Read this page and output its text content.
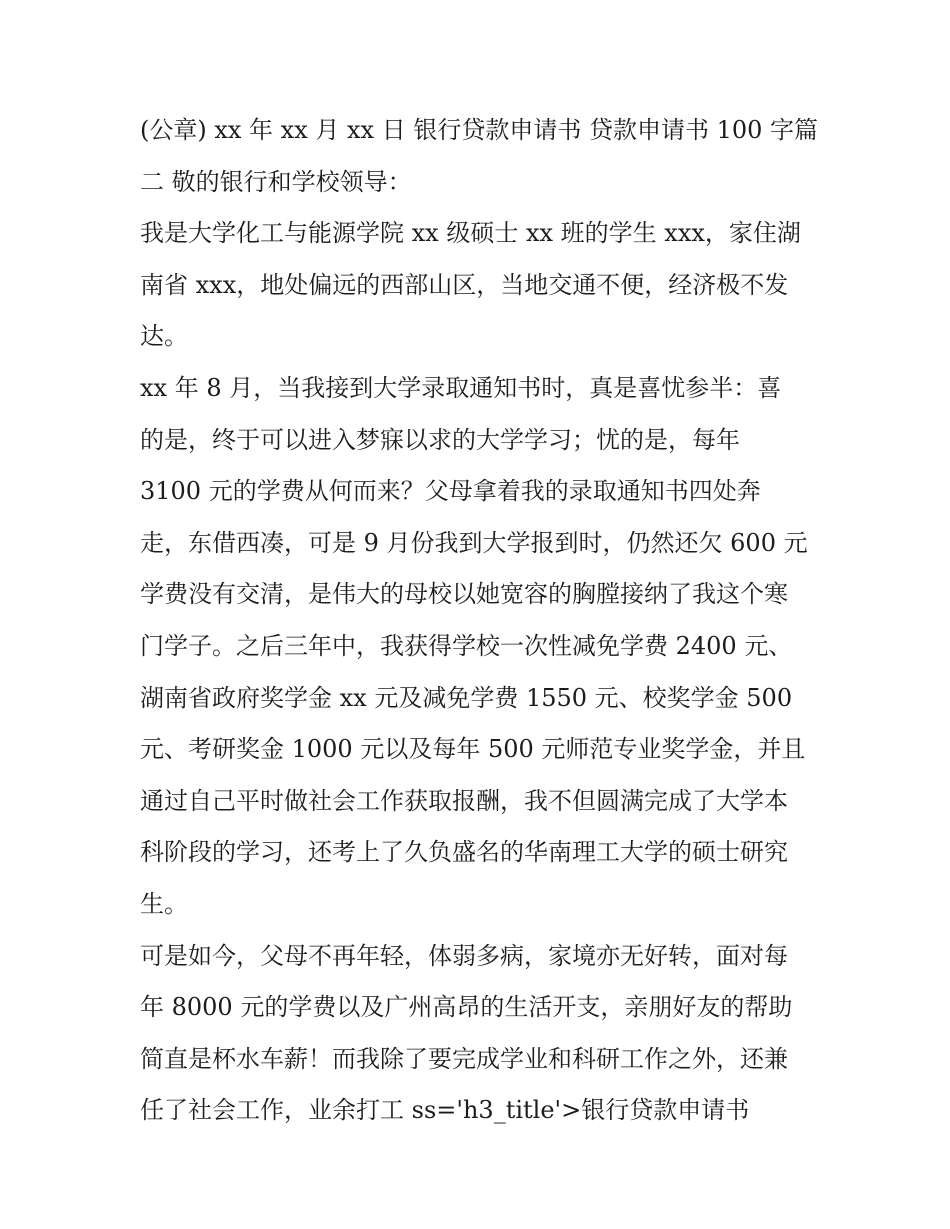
(公章) xx 年 xx 月 xx 日 银行贷款申请书 贷款申请书 100 字篇
二 敬的银行和学校领导：
我是大学化工与能源学院 xx 级硕士 xx 班的学生 xxx，家住湖
南省 xxx，地处偏远的西部山区，当地交通不便，经济极不发
达。
xx 年 8 月，当我接到大学录取通知书时，真是喜忧参半：喜
的是，终于可以进入梦寐以求的大学学习；忧的是，每年
3100 元的学费从何而来？父母拿着我的录取通知书四处奔
走，东借西凑，可是 9 月份我到大学报到时，仍然还欠 600 元
学费没有交清，是伟大的母校以她宽容的胸膛接纳了我这个寒
门学子。之后三年中，我获得学校一次性减免学费 2400 元、
湖南省政府奖学金 xx 元及减免学费 1550 元、校奖学金 500
元、考研奖金 1000 元以及每年 500 元师范专业奖学金，并且
通过自己平时做社会工作获取报酬，我不但圆满完成了大学本
科阶段的学习，还考上了久负盛名的华南理工大学的硕士研究
生。
可是如今，父母不再年轻，体弱多病，家境亦无好转，面对每
年 8000 元的学费以及广州高昂的生活开支，亲朋好友的帮助
简直是杯水车薪！而我除了要完成学业和科研工作之外，还兼
任了社会工作，业余打工 ss='h3_title'>银行贷款申请书
